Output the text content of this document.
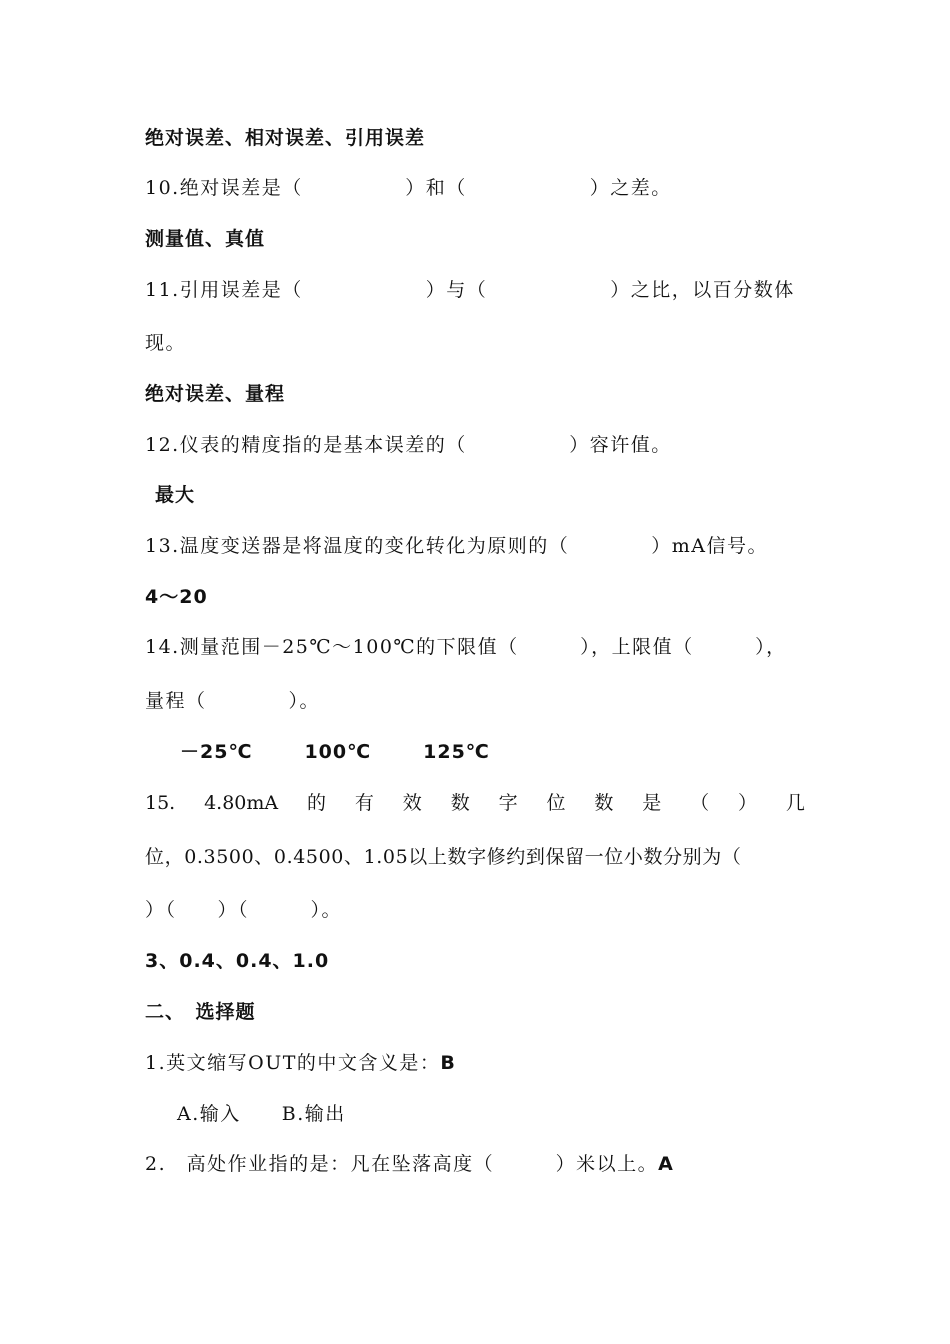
绝对误差、相对误差、引用误差
10.绝对误差是（　　　　　）和（　　　　　　）之差。
测量值、真值
11.引用误差是（　　　　　　）与（　　　　　　）之比，以百分数体
现。
绝对误差、量程
12.仪表的精度指的是基本误差的（　　　　　）容许值。
最大
13.温度变送器是将温度的变化转化为原则的（　　　　）mA信号。
4～20
14.测量范围－25℃～100℃的下限值（　　　），上限值（　　　），
量程（　　　　）。
－25℃	100℃	125℃
15. 4.80mA 的 有 效 数 字 位 数 是 （ ） 几
位，0.3500、0.4500、1.05以上数字修约到保留一位小数分别为（
）（　　）（　　　）。
3、0.4、0.4、1.0
二、　选择题
1.英文缩写OUT的中文含义是：B
A.输入　　B.输出
2.　高处作业指的是：凡在坠落高度（　　　）米以上。A
